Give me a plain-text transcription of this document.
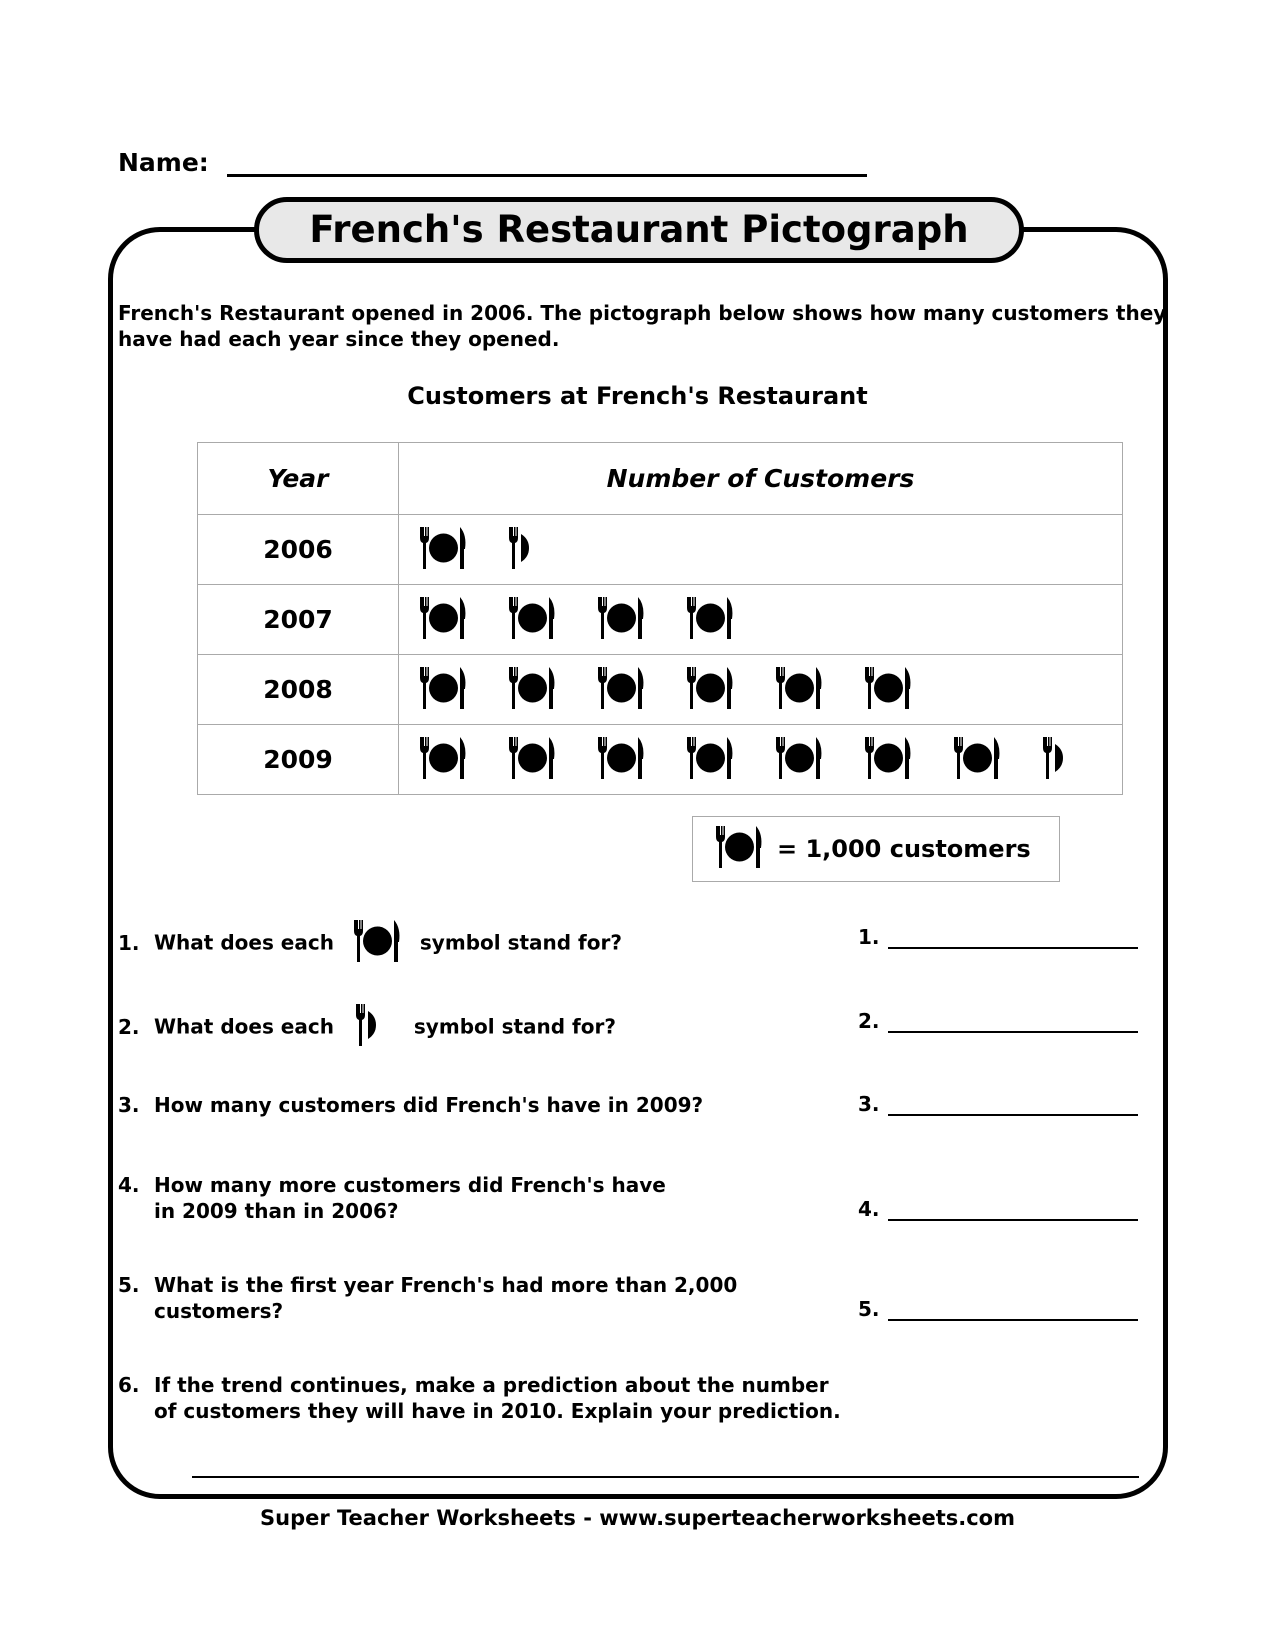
Name:
French's Restaurant Pictograph
French's Restaurant opened in 2006. The pictograph below shows how many customers they have had each year since they opened.
Customers at French's Restaurant
Year	Number of Customers
2006	

2007	

2008	

2009	
= 1,000 customers
1. What does each	symbol stand for?	1.
2. What does each	symbol stand for?	2.
3. How many customers did French's have in 2009?	3.
4. How many more customers did French's have
in 2009 than in 2006?	4.
5. What is the first year French's had more than 2,000
customers?	5.
6. If the trend continues, make a prediction about the number
of customers they will have in 2010. Explain your prediction.
Super Teacher Worksheets - www.superteacherworksheets.com
